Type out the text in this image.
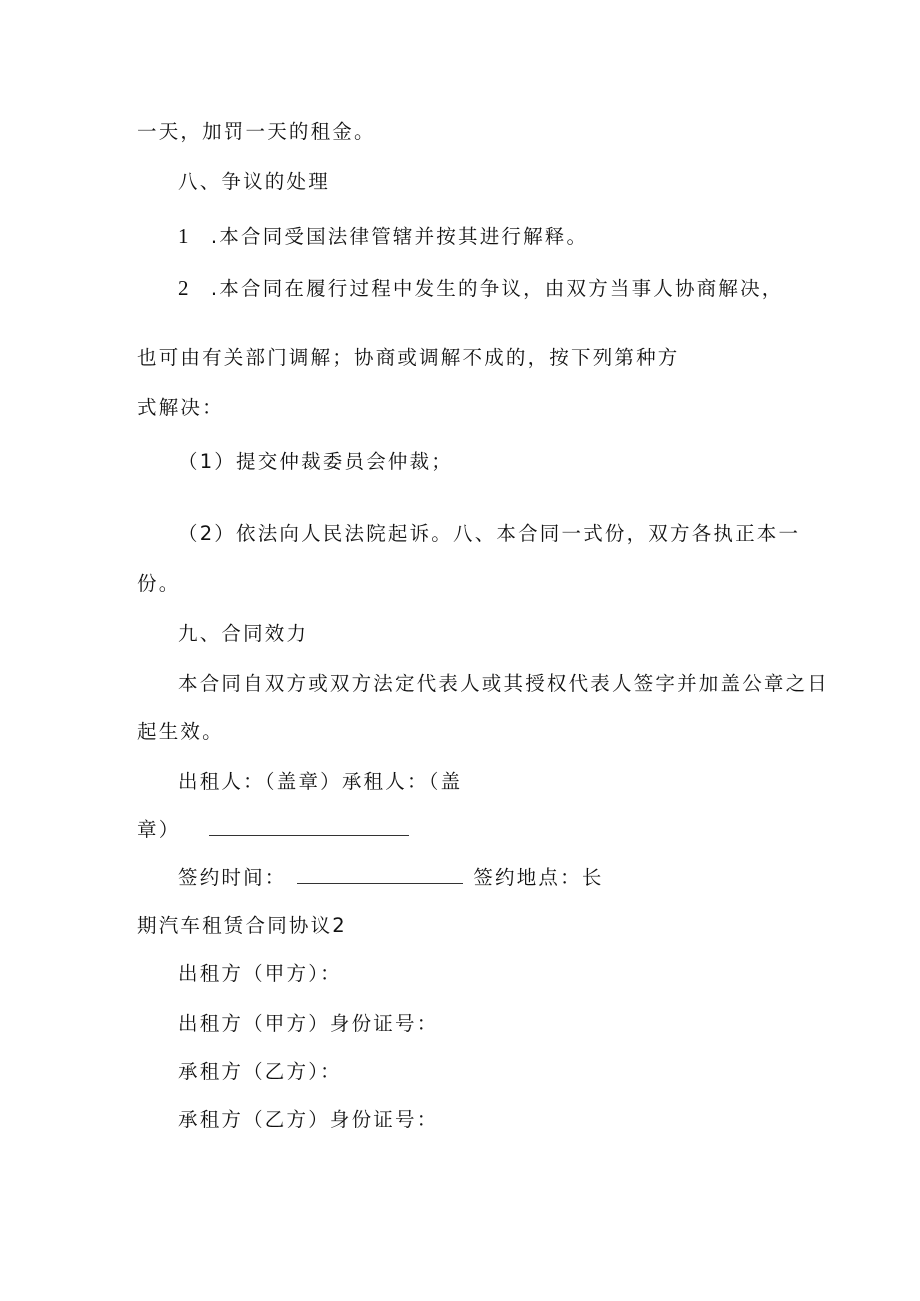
一天，加罚一天的租金。
八、争议的处理
1 .本合同受国法律管辖并按其进行解释。
2 .本合同在履行过程中发生的争议，由双方当事人协商解决，
也可由有关部门调解；协商或调解不成的，按下列第种方
式解决：
（1）提交仲裁委员会仲裁；
（2）依法向人民法院起诉。八、本合同一式份，双方各执正本一
份。
九、合同效力
本合同自双方或双方法定代表人或其授权代表人签字并加盖公章之日
起生效。
出租人：（盖章）承租人：（盖
章）
签约时间：	签约地点：长
期汽车租赁合同协议2
出租方（甲方）：
出租方（甲方）身份证号：
承租方（乙方）：
承租方（乙方）身份证号：
